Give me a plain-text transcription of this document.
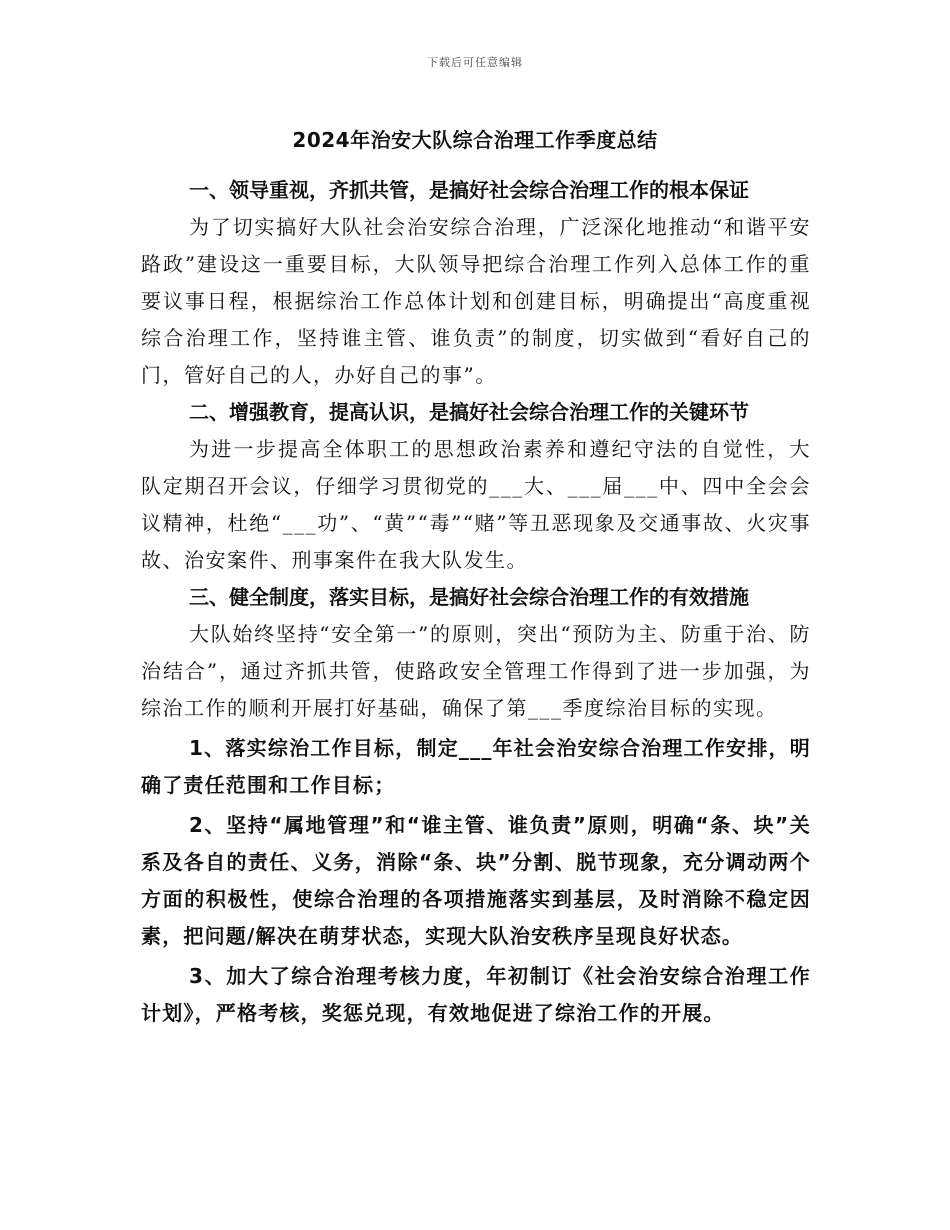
下载后可任意编辑
2024年治安大队综合治理工作季度总结

一、领导重视，齐抓共管，是搞好社会综合治理工作的根本保证

为了切实搞好大队社会治安综合治理，广泛深化地推动“和谐平安路政”建设这一重要目标，大队领导把综合治理工作列入总体工作的重要议事日程，根据综治工作总体计划和创建目标，明确提出“高度重视综合治理工作，坚持谁主管、谁负责”的制度，切实做到“看好自己的门，管好自己的人，办好自己的事”。

二、增强教育，提高认识，是搞好社会综合治理工作的关键环节

为进一步提高全体职工的思想政治素养和遵纪守法的自觉性，大队定期召开会议，仔细学习贯彻党的___大、___届___中、四中全会会议精神，杜绝“___功”、“黄”“毒”“赌”等丑恶现象及交通事故、火灾事故、治安案件、刑事案件在我大队发生。

三、健全制度，落实目标，是搞好社会综合治理工作的有效措施

大队始终坚持“安全第一”的原则，突出“预防为主、防重于治、防治结合”，通过齐抓共管，使路政安全管理工作得到了进一步加强，为综治工作的顺利开展打好基础，确保了第___季度综治目标的实现。

1、落实综治工作目标，制定___年社会治安综合治理工作安排，明确了责任范围和工作目标；

2、坚持“属地管理”和“谁主管、谁负责”原则，明确“条、块”关系及各自的责任、义务，消除“条、块”分割、脱节现象，充分调动两个方面的积极性，使综合治理的各项措施落实到基层，及时消除不稳定因素，把问题/解决在萌芽状态，实现大队治安秩序呈现良好状态。

3、加大了综合治理考核力度，年初制订《社会治安综合治理工作计划》，严格考核，奖惩兑现，有效地促进了综治工作的开展。
